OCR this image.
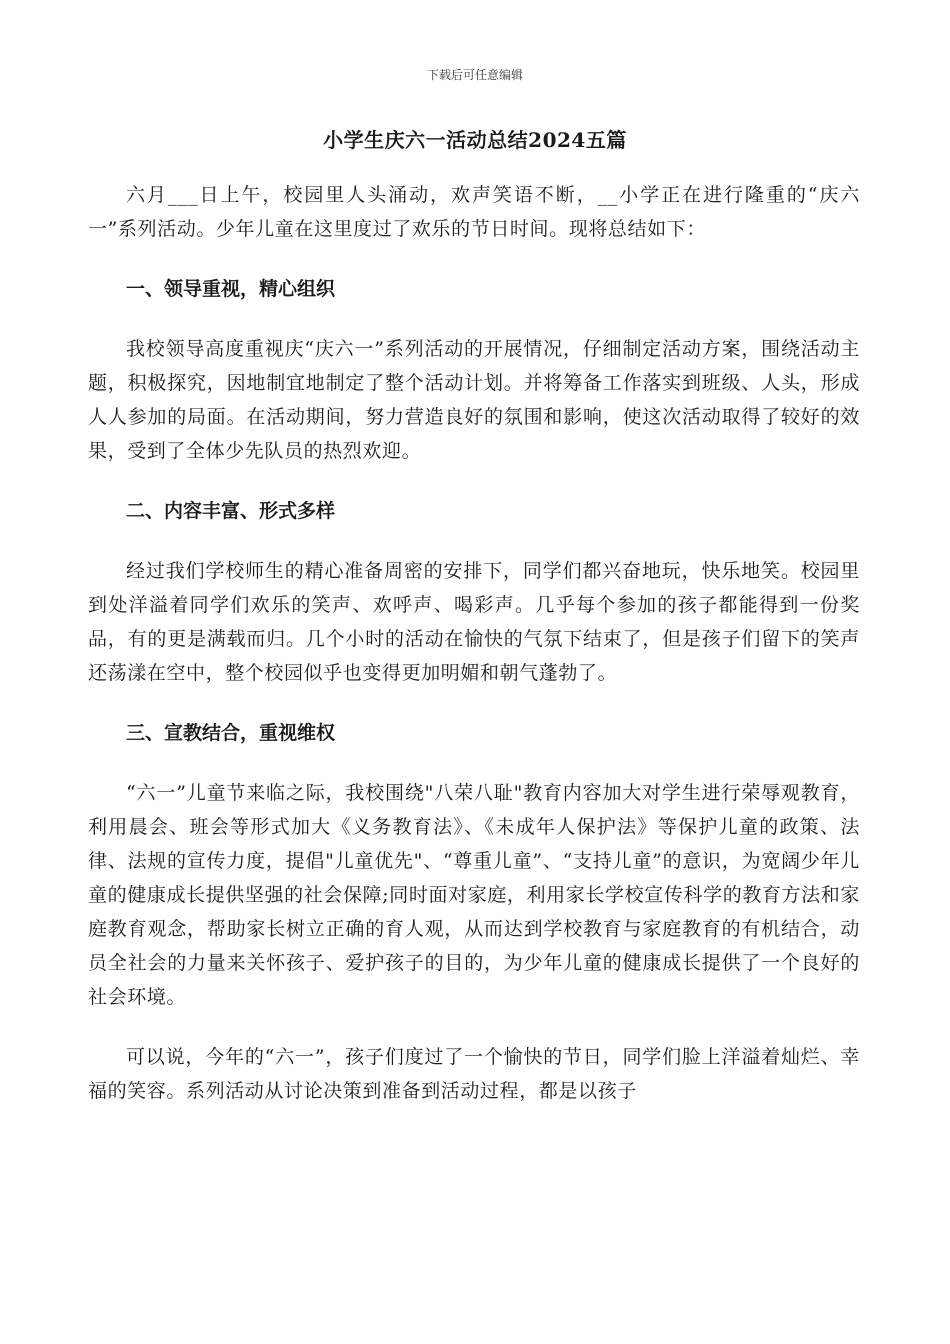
下载后可任意编辑
小学生庆六一活动总结2024五篇

六月___日上午，校园里人头涌动，欢声笑语不断，__小学正在进行隆重的“庆六一”系列活动。少年儿童在这里度过了欢乐的节日时间。现将总结如下：

一、领导重视，精心组织

我校领导高度重视庆“庆六一”系列活动的开展情况，仔细制定活动方案，围绕活动主题，积极探究，因地制宜地制定了整个活动计划。并将筹备工作落实到班级、人头，形成人人参加的局面。在活动期间，努力营造良好的氛围和影响，使这次活动取得了较好的效果，受到了全体少先队员的热烈欢迎。

二、内容丰富、形式多样

经过我们学校师生的精心准备周密的安排下，同学们都兴奋地玩，快乐地笑。校园里到处洋溢着同学们欢乐的笑声、欢呼声、喝彩声。几乎每个参加的孩子都能得到一份奖品，有的更是满载而归。几个小时的活动在愉快的气氛下结束了，但是孩子们留下的笑声还荡漾在空中，整个校园似乎也变得更加明媚和朝气蓬勃了。

三、宣教结合，重视维权

“六一”儿童节来临之际，我校围绕"八荣八耻"教育内容加大对学生进行荣辱观教育，利用晨会、班会等形式加大《义务教育法》、《未成年人保护法》等保护儿童的政策、法律、法规的宣传力度，提倡"儿童优先"、“尊重儿童”、“支持儿童”的意识，为宽阔少年儿童的健康成长提供坚强的社会保障;同时面对家庭，利用家长学校宣传科学的教育方法和家庭教育观念，帮助家长树立正确的育人观，从而达到学校教育与家庭教育的有机结合，动员全社会的力量来关怀孩子、爱护孩子的目的，为少年儿童的健康成长提供了一个良好的社会环境。

可以说，今年的“六一”，孩子们度过了一个愉快的节日，同学们脸上洋溢着灿烂、幸福的笑容。系列活动从讨论决策到准备到活动过程，都是以孩子
